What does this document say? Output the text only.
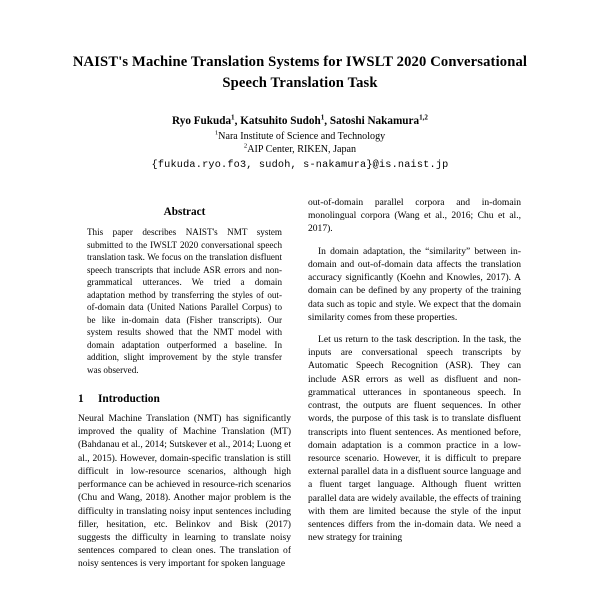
NAIST's Machine Translation Systems for IWSLT 2020 Conversational
Speech Translation Task
Ryo Fukuda$^1$, Katsuhito Sudoh$^1$, Satoshi Nakamura$^{1,2}$
$^1$Nara Institute of Science and Technology
$^2$AIP Center, RIKEN, Japan
{fukuda.ryo.fo3, sudoh, s-nakamura}@is.naist.jp
Abstract

This paper describes NAIST's NMT system submitted to the IWSLT 2020 conversational speech translation task. We focus on the translation disfluent speech transcripts that include ASR errors and non-grammatical utterances. We tried a domain adaptation method by transferring the styles of out-of-domain data (United Nations Parallel Corpus) to be like in-domain data (Fisher transcripts). Our system results showed that the NMT model with domain adaptation outperformed a baseline. In addition, slight improvement by the style transfer was observed.

1	Introduction

Neural Machine Translation (NMT) has significantly improved the quality of Machine Translation (MT) (Bahdanau et al., 2014; Sutskever et al., 2014; Luong et al., 2015). However, domain-specific translation is still difficult in low-resource scenarios, although high performance can be achieved in resource-rich scenarios (Chu and Wang, 2018). Another major problem is the difficulty in translating noisy input sentences including filler, hesitation, etc. Belinkov and Bisk (2017) suggests the difficulty in learning to translate noisy sentences compared to clean ones. The translation of noisy sentences is very important for spoken language

out-of-domain parallel corpora and in-domain monolingual corpora (Wang et al., 2016; Chu et al., 2017).

In domain adaptation, the “similarity” between in-domain and out-of-domain data affects the translation accuracy significantly (Koehn and Knowles, 2017). A domain can be defined by any property of the training data such as topic and style. We expect that the domain similarity comes from these properties.

Let us return to the task description. In the task, the inputs are conversational speech transcripts by Automatic Speech Recognition (ASR). They can include ASR errors as well as disfluent and non-grammatical utterances in spontaneous speech. In contrast, the outputs are fluent sequences. In other words, the purpose of this task is to translate disfluent transcripts into fluent sentences. As mentioned before, domain adaptation is a common practice in a low-resource scenario. However, it is difficult to prepare external parallel data in a disfluent source language and a fluent target language. Although fluent written parallel data are widely available, the effects of training with them are limited because the style of the input sentences differs from the in-domain data. We need a new strategy for training
